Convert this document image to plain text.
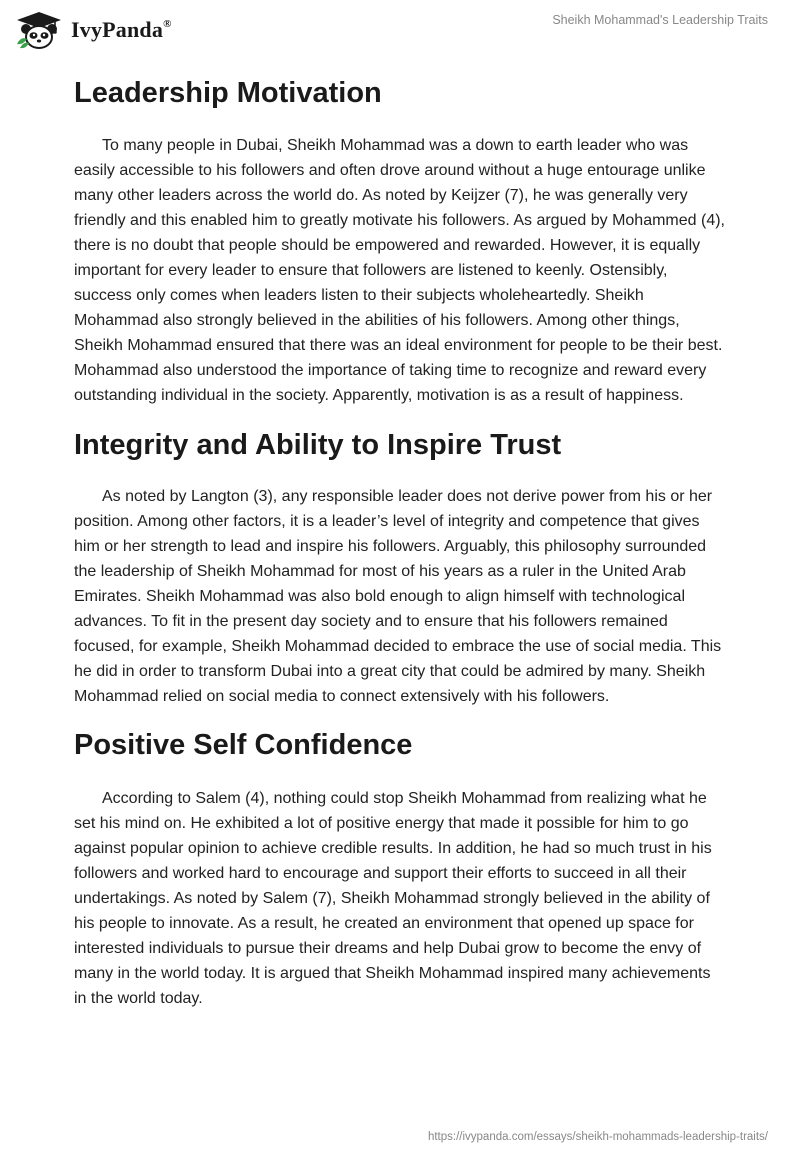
IvyPanda®	Sheikh Mohammad's Leadership Traits
Leadership Motivation

To many people in Dubai, Sheikh Mohammad was a down to earth leader who was easily accessible to his followers and often drove around without a huge entourage unlike many other leaders across the world do. As noted by Keijzer (7), he was generally very friendly and this enabled him to greatly motivate his followers. As argued by Mohammed (4), there is no doubt that people should be empowered and rewarded. However, it is equally important for every leader to ensure that followers are listened to keenly. Ostensibly, success only comes when leaders listen to their subjects wholeheartedly. Sheikh Mohammad also strongly believed in the abilities of his followers. Among other things, Sheikh Mohammad ensured that there was an ideal environment for people to be their best. Mohammad also understood the importance of taking time to recognize and reward every outstanding individual in the society. Apparently, motivation is as a result of happiness.

Integrity and Ability to Inspire Trust

As noted by Langton (3), any responsible leader does not derive power from his or her position. Among other factors, it is a leader’s level of integrity and competence that gives him or her strength to lead and inspire his followers. Arguably, this philosophy surrounded the leadership of Sheikh Mohammad for most of his years as a ruler in the United Arab Emirates. Sheikh Mohammad was also bold enough to align himself with technological advances. To fit in the present day society and to ensure that his followers remained focused, for example, Sheikh Mohammad decided to embrace the use of social media. This he did in order to transform Dubai into a great city that could be admired by many. Sheikh Mohammad relied on social media to connect extensively with his followers.

Positive Self Confidence

According to Salem (4), nothing could stop Sheikh Mohammad from realizing what he set his mind on. He exhibited a lot of positive energy that made it possible for him to go against popular opinion to achieve credible results. In addition, he had so much trust in his followers and worked hard to encourage and support their efforts to succeed in all their undertakings. As noted by Salem (7), Sheikh Mohammad strongly believed in the ability of his people to innovate. As a result, he created an environment that opened up space for interested individuals to pursue their dreams and help Dubai grow to become the envy of many in the world today. It is argued that Sheikh Mohammad inspired many achievements in the world today.

https://ivypanda.com/essays/sheikh-mohammads-leadership-traits/
